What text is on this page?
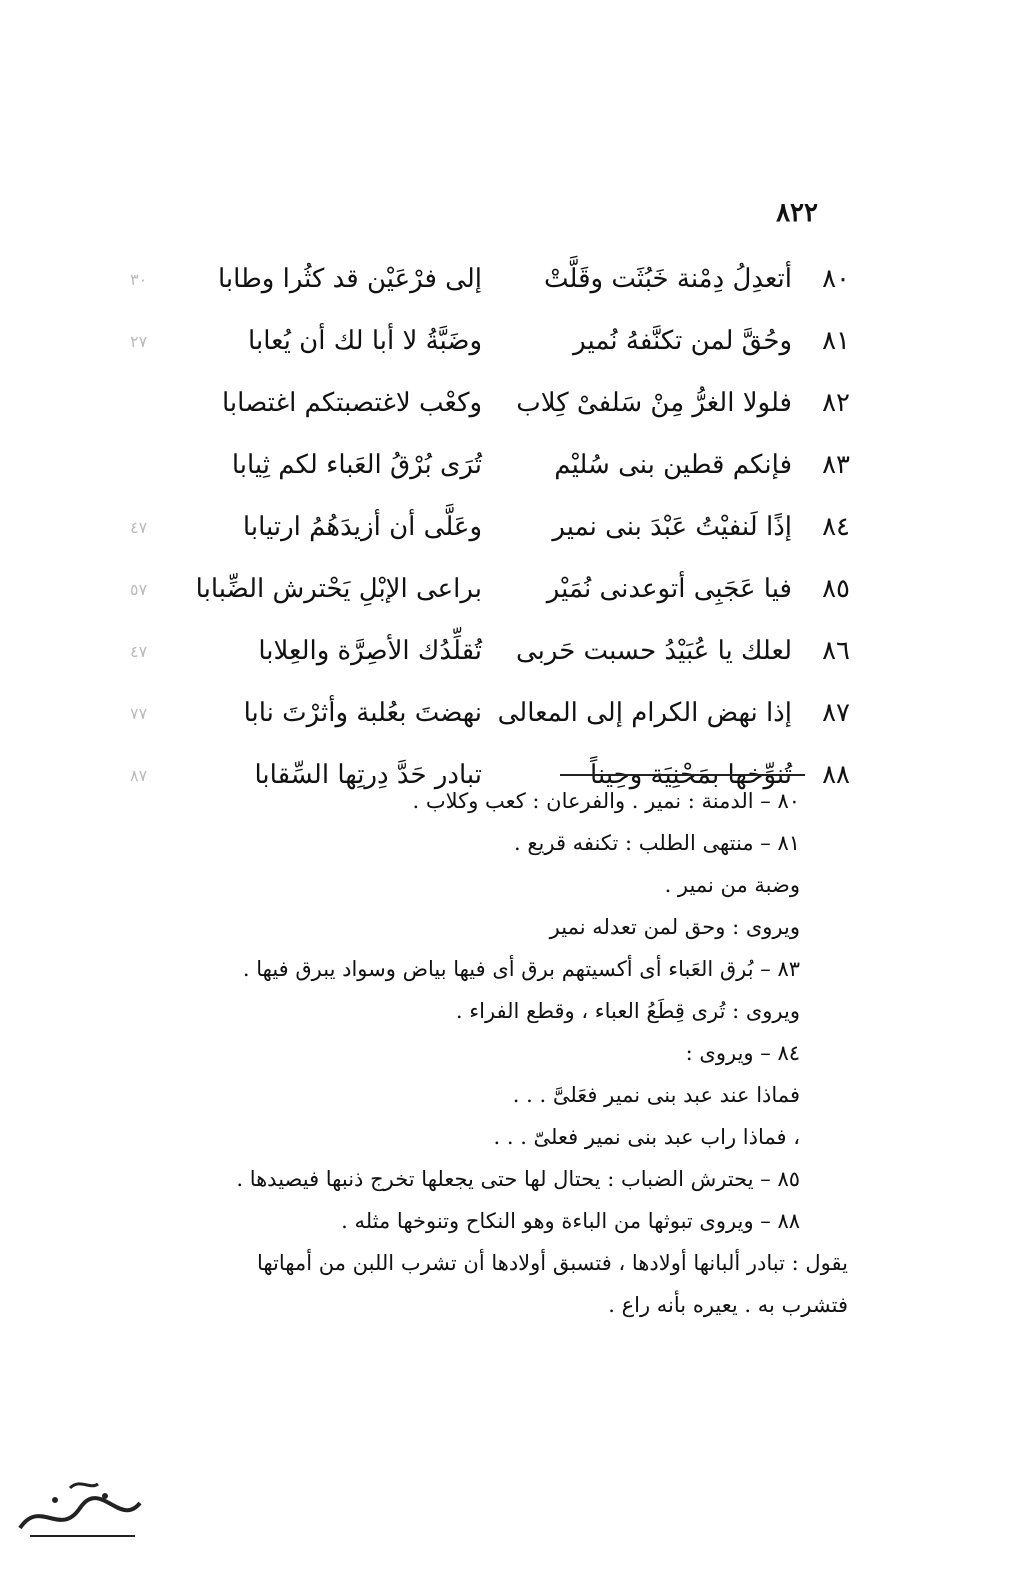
٨٢٢
٨٠
أتعدِلُ دِمْنة خَبُثَت وقَلَّتْ
إلى فرْعَيْن قد كثُرا وطابا
٣٠
٨١
وحُقَّ لمن تكنَّفهُ نُمير
وضَبَّةُ لا أبا لك أن يُعابا
٢٧
٨٢
فلولا الغرُّ مِنْ سَلفىْ كِلاب
وكعْب لاغتصبتكم اغتصابا
٨٣
فإنكم قطين بنى سُليْم
تُرَى بُرْقُ العَباء لكم ثِيابا
٨٤
إذًا لَنفيْتُ عَبْدَ بنى نمير
وعَلَّى أن أزيدَهُمُ ارتيابا
٤٧
٨٥
فيا عَجَبِى أتوعدنى نُمَيْر
براعى الإبْلِ يَحْترش الضِّبابا
٥٧
٨٦
لعلك يا عُبَيْدُ حسبت حَربى
تُقلِّدُك الأصِرَّة والعِلابا
٤٧
٨٧
إذا نهض الكرام إلى المعالى
نهضتَ بعُلبة وأثرْتَ نابا
٧٧
٨٨
تُنوِّخها بمَحْنِيَة وحِيناً
تبادر حَدَّ دِرتِها السِّقابا
٨٧
٨٠ – الدمنة : نمير . والفرعان : كعب وكلاب .
٨١ – منتهى الطلب : تكنفه قريع .
وضبة من نمير .
ويروى : وحق لمن تعدله نمير
٨٣ – بُرق العَباء أى أكسيتهم برق أى فيها بياض وسواد يبرق فيها .
ويروى : تُرى قِطَعُ العباء ، وقطع الفراء .
٨٤ – ويروى :
فماذا عند عبد بنى نمير فعَلىَّ . . .
، فماذا راب عبد بنى نمير فعلىّ . . .
٨٥ – يحترش الضباب : يحتال لها حتى يجعلها تخرج ذنبها فيصيدها .
٨٨ – ويروى تبوثها من الباءة وهو النكاح وتنوخها مثله .
يقول : تبادر ألبانها أولادها ، فتسبق أولادها أن تشرب اللبن من أمهاتها
فتشرب به . يعيره بأنه راع .
